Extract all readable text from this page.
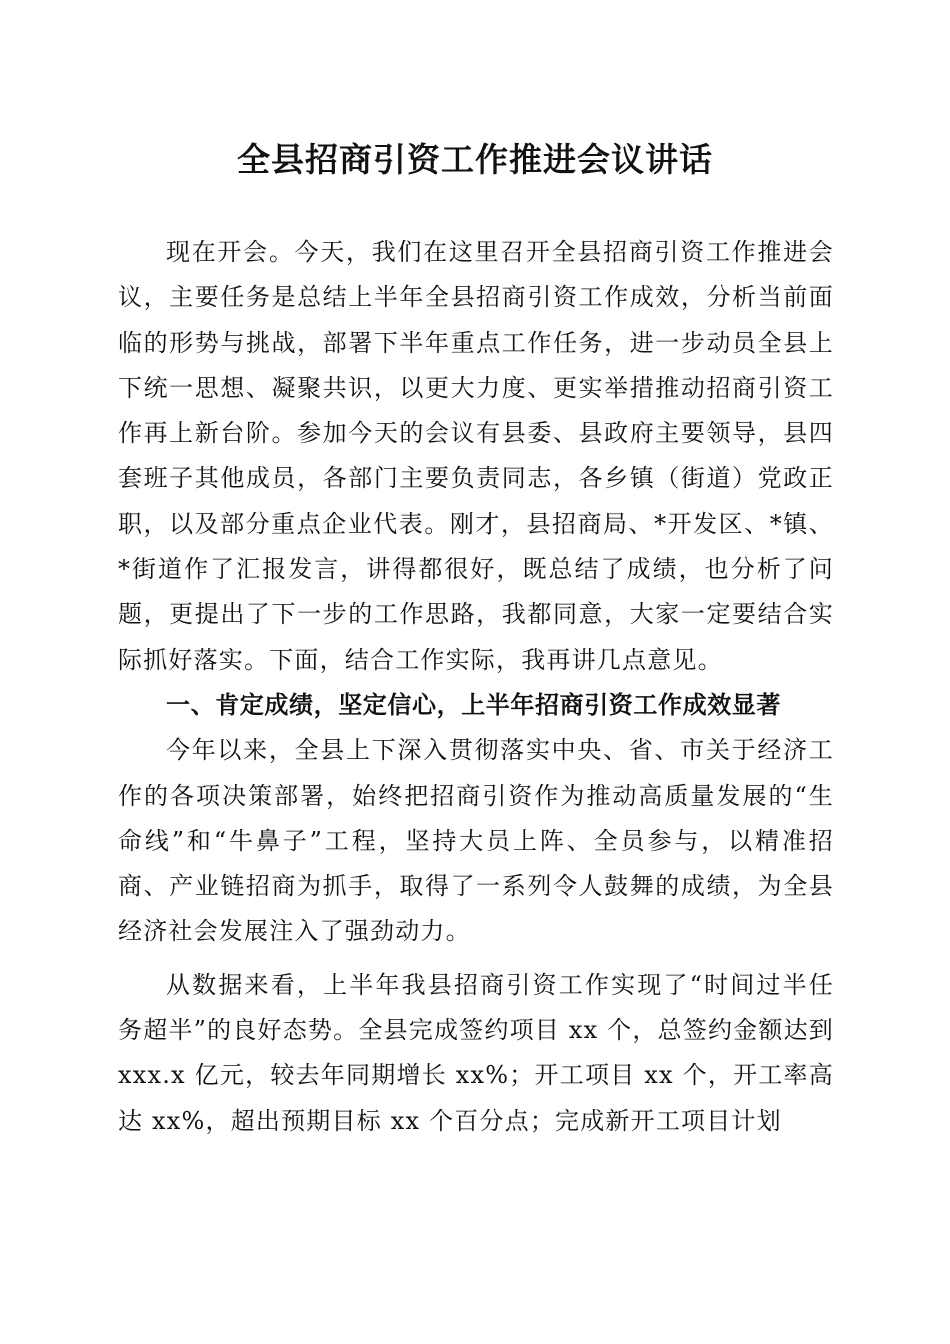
全县招商引资工作推进会议讲话

现在开会。今天，我们在这里召开全县招商引资工作推进会议，主要任务是总结上半年全县招商引资工作成效，分析当前面临的形势与挑战，部署下半年重点工作任务，进一步动员全县上下统一思想、凝聚共识，以更大力度、更实举措推动招商引资工作再上新台阶。参加今天的会议有县委、县政府主要领导，县四套班子其他成员，各部门主要负责同志，各乡镇（街道）党政正职，以及部分重点企业代表。刚才，县招商局、*开发区、*镇、*街道作了汇报发言，讲得都很好，既总结了成绩，也分析了问题，更提出了下一步的工作思路，我都同意，大家一定要结合实际抓好落实。下面，结合工作实际，我再讲几点意见。

一、肯定成绩，坚定信心，上半年招商引资工作成效显著

今年以来，全县上下深入贯彻落实中央、省、市关于经济工作的各项决策部署，始终把招商引资作为推动高质量发展的“生命线”和“牛鼻子”工程，坚持大员上阵、全员参与，以精准招商、产业链招商为抓手，取得了一系列令人鼓舞的成绩，为全县经济社会发展注入了强劲动力。

从数据来看，上半年我县招商引资工作实现了“时间过半任务超半”的良好态势。全县完成签约项目 xx 个，总签约金额达到 xxx.x 亿元，较去年同期增长 xx%；开工项目 xx 个，开工率高达 xx%，超出预期目标 xx 个百分点；完成新开工项目计划
